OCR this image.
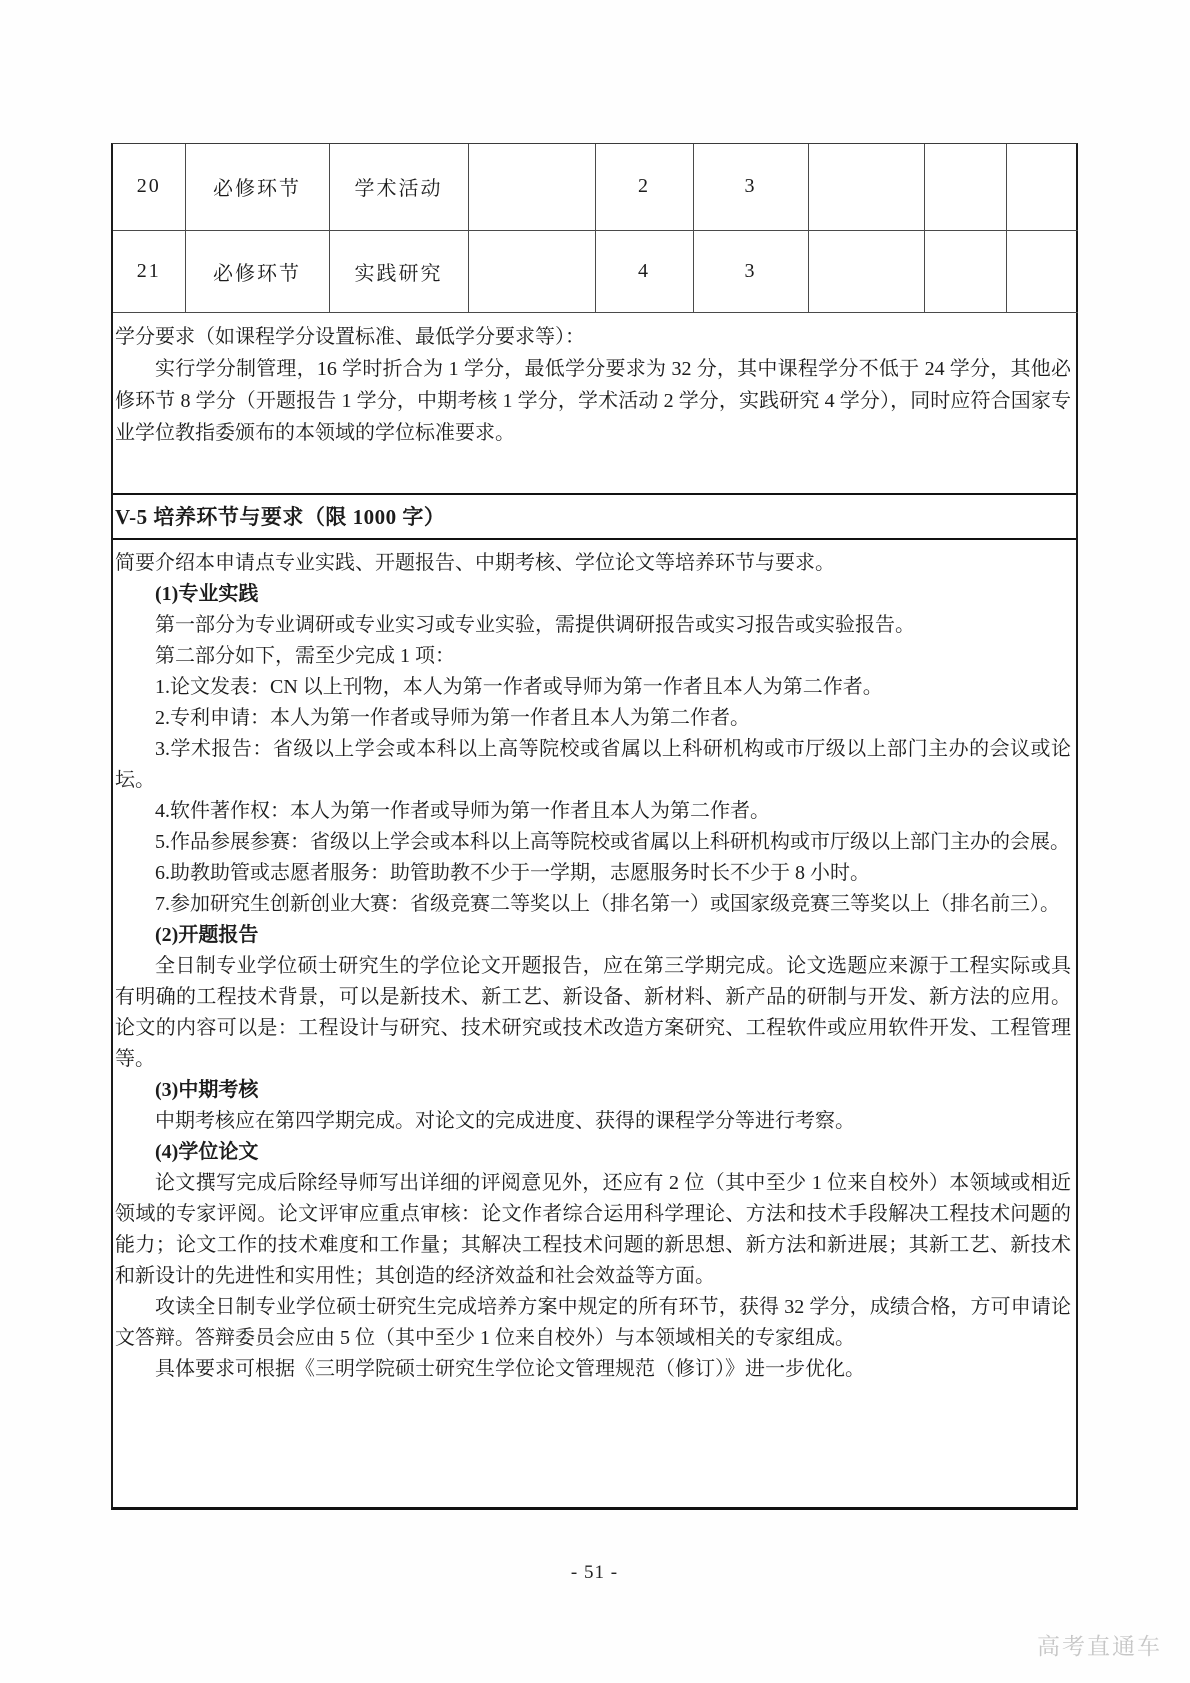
20	必修环节	学术活动		2	3			
21	必修环节	实践研究		4	3			

学分要求（如课程学分设置标准、最低学分要求等）：

实行学分制管理，16 学时折合为 1 学分，最低学分要求为 32 分，其中课程学分不低于 24 学分，其他必修环节 8 学分（开题报告 1 学分，中期考核 1 学分，学术活动 2 学分，实践研究 4 学分），同时应符合国家专业学位教指委颁布的本领域的学位标准要求。

V-5 培养环节与要求（限 1000 字）

简要介绍本申请点专业实践、开题报告、中期考核、学位论文等培养环节与要求。

(1)专业实践

第一部分为专业调研或专业实习或专业实验，需提供调研报告或实习报告或实验报告。

第二部分如下，需至少完成 1 项：

1.论文发表：CN 以上刊物，本人为第一作者或导师为第一作者且本人为第二作者。

2.专利申请：本人为第一作者或导师为第一作者且本人为第二作者。

3.学术报告：省级以上学会或本科以上高等院校或省属以上科研机构或市厅级以上部门主办的会议或论坛。

4.软件著作权：本人为第一作者或导师为第一作者且本人为第二作者。

5.作品参展参赛：省级以上学会或本科以上高等院校或省属以上科研机构或市厅级以上部门主办的会展。

6.助教助管或志愿者服务：助管助教不少于一学期，志愿服务时长不少于 8 小时。

7.参加研究生创新创业大赛：省级竞赛二等奖以上（排名第一）或国家级竞赛三等奖以上（排名前三）。

(2)开题报告

全日制专业学位硕士研究生的学位论文开题报告，应在第三学期完成。论文选题应来源于工程实际或具有明确的工程技术背景，可以是新技术、新工艺、新设备、新材料、新产品的研制与开发、新方法的应用。论文的内容可以是：工程设计与研究、技术研究或技术改造方案研究、工程软件或应用软件开发、工程管理等。

(3)中期考核

中期考核应在第四学期完成。对论文的完成进度、获得的课程学分等进行考察。

(4)学位论文

论文撰写完成后除经导师写出详细的评阅意见外，还应有 2 位（其中至少 1 位来自校外）本领域或相近领域的专家评阅。论文评审应重点审核：论文作者综合运用科学理论、方法和技术手段解决工程技术问题的能力；论文工作的技术难度和工作量；其解决工程技术问题的新思想、新方法和新进展；其新工艺、新技术和新设计的先进性和实用性；其创造的经济效益和社会效益等方面。

攻读全日制专业学位硕士研究生完成培养方案中规定的所有环节，获得 32 学分，成绩合格，方可申请论文答辩。答辩委员会应由 5 位（其中至少 1 位来自校外）与本领域相关的专家组成。

具体要求可根据《三明学院硕士研究生学位论文管理规范（修订）》进一步优化。

- 51 -
高考直通车
